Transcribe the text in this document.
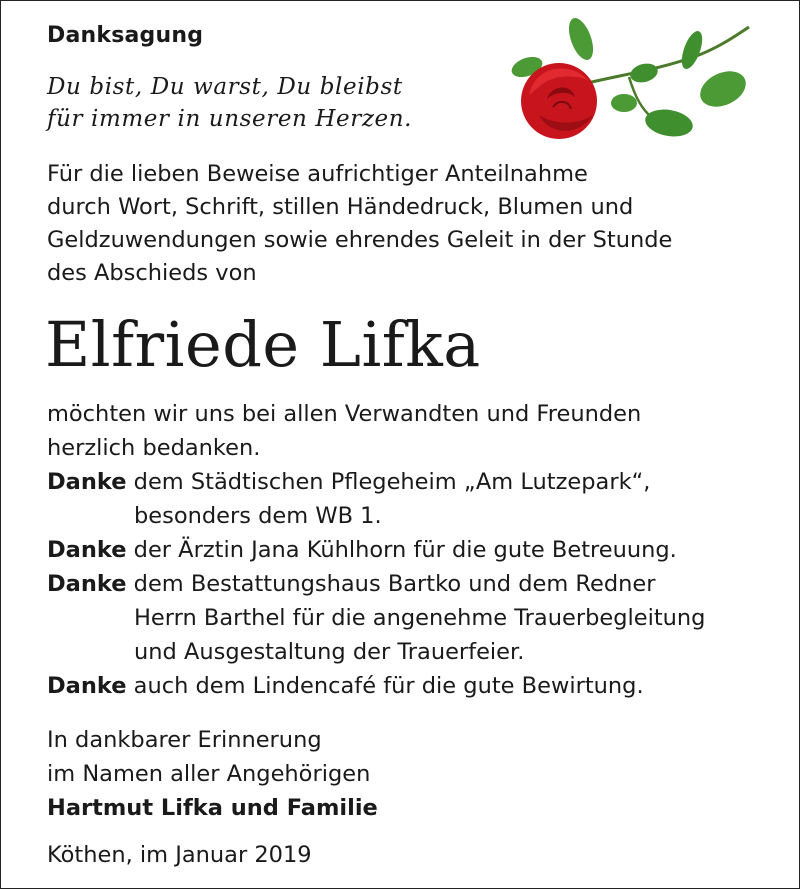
Danksagung
Du bist, Du warst, Du bleibst
für immer in unseren Herzen.
Für die lieben Beweise aufrichtiger Anteilnahme
durch Wort, Schrift, stillen Händedruck, Blumen und
Geldzuwendungen sowie ehrendes Geleit in der Stunde
des Abschieds von
Elfriede Lifka
möchten wir uns bei allen Verwandten und Freunden
herzlich bedanken.
Danke dem Städtischen Pflegeheim „Am Lutzepark“,
besonders dem WB 1.
Danke der Ärztin Jana Kühlhorn für die gute Betreuung.
Danke dem Bestattungshaus Bartko und dem Redner
Herrn Barthel für die angenehme Trauerbegleitung
und Ausgestaltung der Trauerfeier.
Danke auch dem Lindencafé für die gute Bewirtung.
In dankbarer Erinnerung
im Namen aller Angehörigen
Hartmut Lifka und Familie
Köthen, im Januar 2019
